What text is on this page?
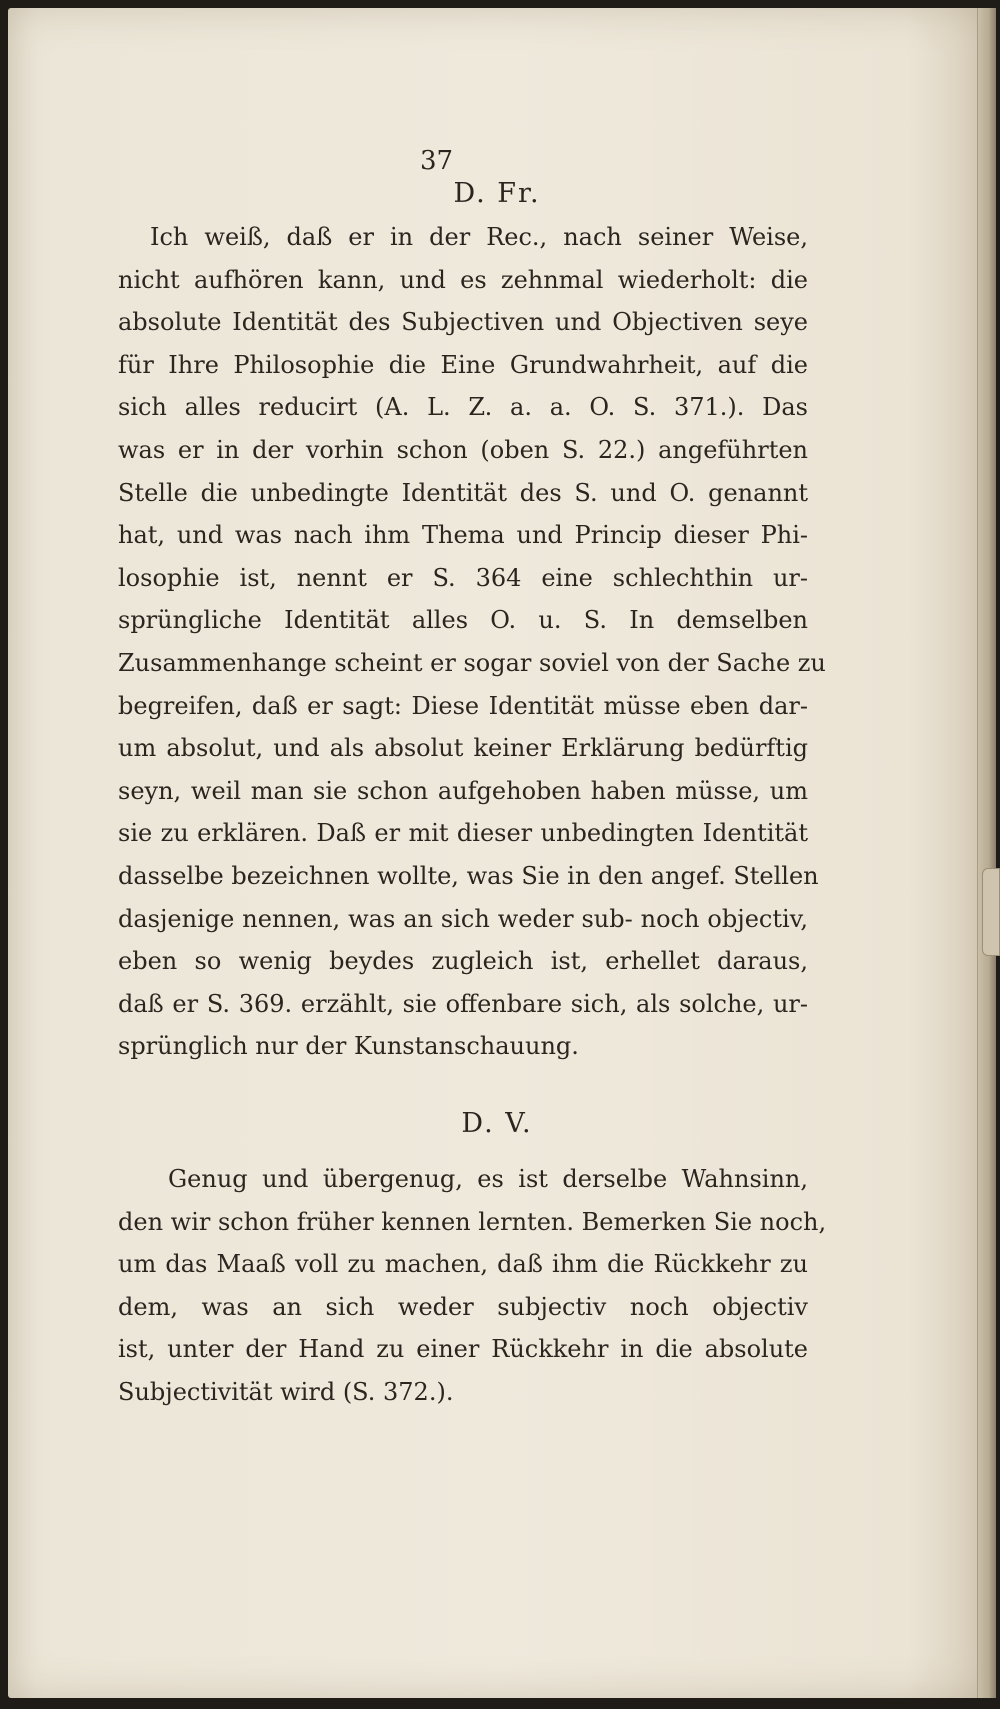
37
D. Fr.
Ich weiß, daß er in der Rec., nach seiner Weise,
nicht aufhören kann, und es zehnmal wiederholt: die
absolute Identität des Subjectiven und Objectiven seye
für Ihre Philosophie die Eine Grundwahrheit, auf die
sich alles reducirt (A. L. Z. a. a. O. S. 371.). Das
was er in der vorhin schon (oben S. 22.) angeführten
Stelle die unbedingte Identität des S. und O. genannt
hat, und was nach ihm Thema und Princip dieser Phi-
losophie ist, nennt er S. 364 eine schlechthin ur-
sprüngliche Identität alles O. u. S. In demselben
Zusammenhange scheint er sogar soviel von der Sache zu
begreifen, daß er sagt: Diese Identität müsse eben dar-
um absolut, und als absolut keiner Erklärung bedürftig
seyn, weil man sie schon aufgehoben haben müsse, um
sie zu erklären. Daß er mit dieser unbedingten Identität
dasselbe bezeichnen wollte, was Sie in den angef. Stellen
dasjenige nennen, was an sich weder sub- noch objectiv,
eben so wenig beydes zugleich ist, erhellet daraus,
daß er S. 369. erzählt, sie offenbare sich, als solche, ur-
sprünglich nur der Kunstanschauung.
D. V.
Genug und übergenug, es ist derselbe Wahnsinn,
den wir schon früher kennen lernten. Bemerken Sie noch,
um das Maaß voll zu machen, daß ihm die Rückkehr zu
dem, was an sich weder subjectiv noch objectiv
ist, unter der Hand zu einer Rückkehr in die absolute
Subjectivität wird (S. 372.).
